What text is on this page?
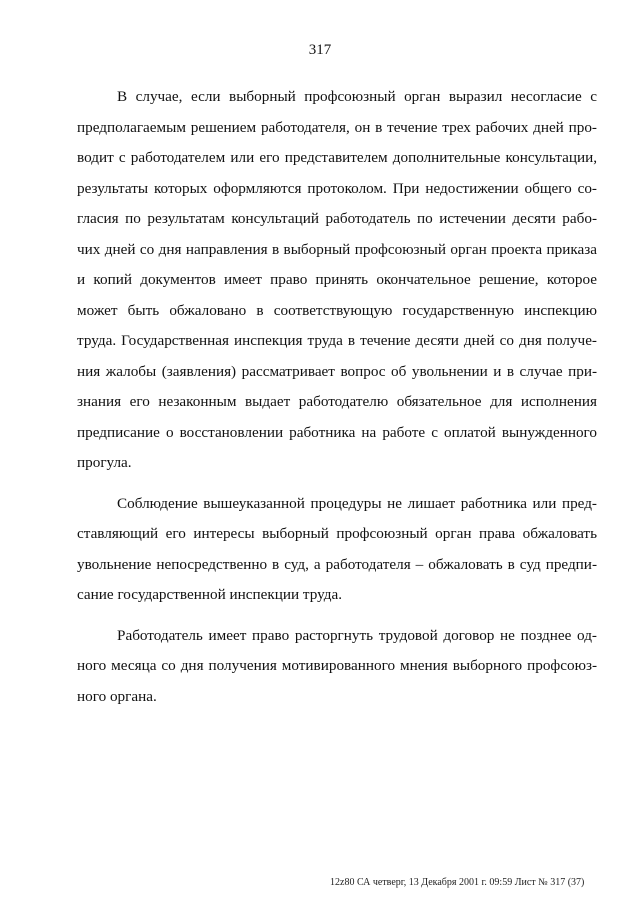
317
В случае, если выборный профсоюзный орган выразил несогласие с
предполагаемым решением работодателя, он в течение трех рабочих дней про-
водит с работодателем или его представителем дополнительные консультации,
результаты которых оформляются протоколом. При недостижении общего со-
гласия по результатам консультаций работодатель по истечении десяти рабо-
чих дней со дня направления в выборный профсоюзный орган проекта приказа
и копий документов имеет право принять окончательное решение, которое
может быть обжаловано в соответствующую государственную инспекцию
труда. Государственная инспекция труда в течение десяти дней со дня получе-
ния жалобы (заявления) рассматривает вопрос об увольнении и в случае при-
знания его незаконным выдает работодателю обязательное для исполнения
предписание о восстановлении работника на работе с оплатой вынужденного
прогула.
Соблюдение вышеуказанной процедуры не лишает работника или пред-
ставляющий его интересы выборный профсоюзный орган права обжаловать
увольнение непосредственно в суд, а работодателя – обжаловать в суд предпи-
сание государственной инспекции труда.
Работодатель имеет право расторгнуть трудовой договор не позднее од-
ного месяца со дня получения мотивированного мнения выборного профсоюз-
ного органа.
12z80 СА четверг, 13 Декабря 2001 г. 09:59 Лист № 317 (37)
